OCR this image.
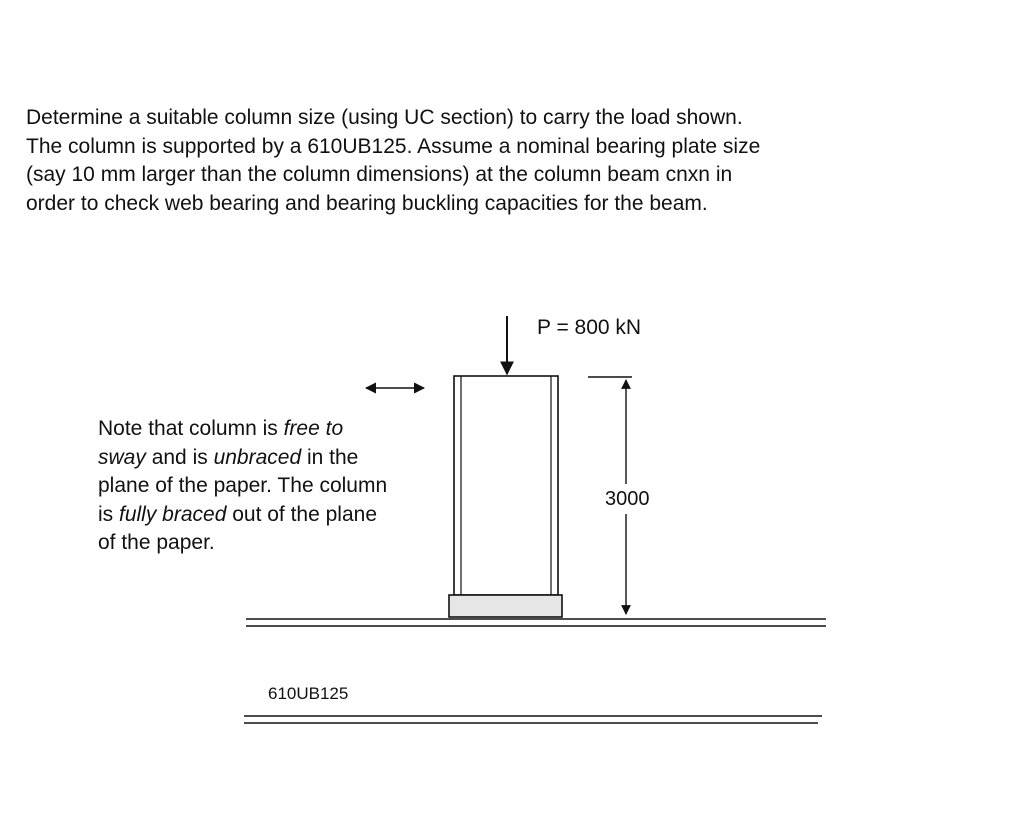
Determine a suitable column size (using UC section) to carry the load shown.
The column is supported by a 610UB125. Assume a nominal bearing plate size
(say 10 mm larger than the column dimensions) at the column beam cnxn in
order to check web bearing and bearing buckling capacities for the beam.
P = 800 kN
3000
610UB125
Note that column is free to
sway and is unbraced in the
plane of the paper. The column
is fully braced out of the plane
of the paper.
